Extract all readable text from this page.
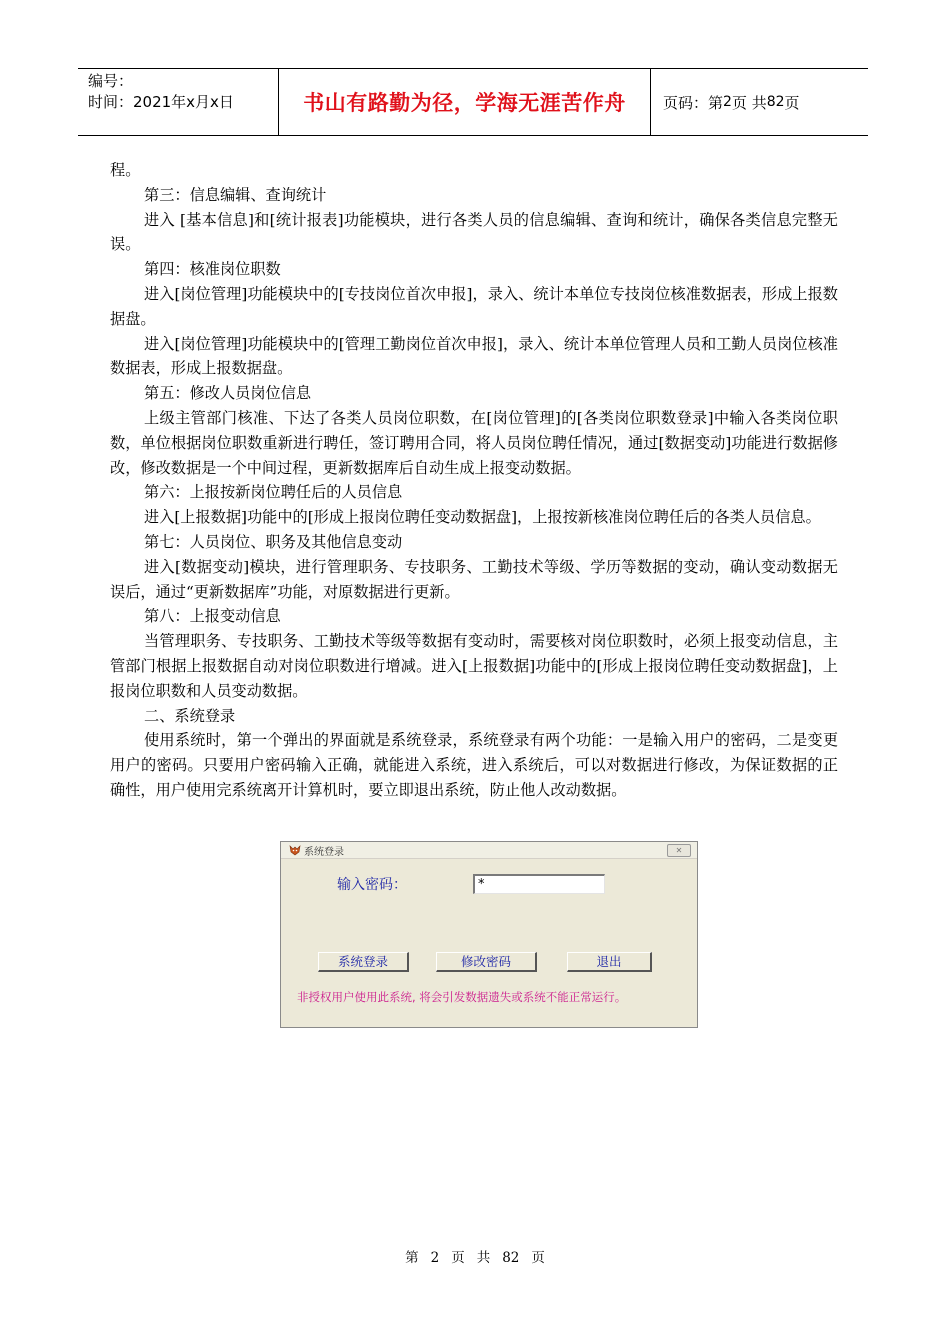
编号：
时间：2021年x月x日	书山有路勤为径，学海无涯苦作舟 页码：第 2 页 共 82 页

程。

第三：信息编辑、查询统计

进入 [基本信息]和[统计报表]功能模块，进行各类人员的信息编辑、查询和统计，确保各类信息完整无误。

第四：核准岗位职数

进入[岗位管理]功能模块中的[专技岗位首次申报]，录入、统计本单位专技岗位核准数据表，形成上报数据盘。

进入[岗位管理]功能模块中的[管理工勤岗位首次申报]，录入、统计本单位管理人员和工勤人员岗位核准数据表，形成上报数据盘。

第五：修改人员岗位信息

上级主管部门核准、下达了各类人员岗位职数，在[岗位管理]的[各类岗位职数登录]中输入各类岗位职数，单位根据岗位职数重新进行聘任，签订聘用合同，将人员岗位聘任情况，通过[数据变动]功能进行数据修改，修改数据是一个中间过程，更新数据库后自动生成上报变动数据。

第六：上报按新岗位聘任后的人员信息

进入[上报数据]功能中的[形成上报岗位聘任变动数据盘]，上报按新核准岗位聘任后的各类人员信息。

第七：人员岗位、职务及其他信息变动

进入[数据变动]模块，进行管理职务、专技职务、工勤技术等级、学历等数据的变动，确认变动数据无误后，通过“更新数据库”功能，对原数据进行更新。

第八：上报变动信息

当管理职务、专技职务、工勤技术等级等数据有变动时，需要核对岗位职数时，必须上报变动信息，主管部门根据上报数据自动对岗位职数进行增减。进入[上报数据]功能中的[形成上报岗位聘任变动数据盘]，上报岗位职数和人员变动数据。

二、系统登录

使用系统时，第一个弹出的界面就是系统登录，系统登录有两个功能：一是输入用户的密码，二是变更用户的密码。只要用户密码输入正确，就能进入系统，进入系统后，可以对数据进行修改，为保证数据的正确性，用户使用完系统离开计算机时，要立即退出系统，防止他人改动数据。

系统登录	✕
输入密码：	*
系统登录	修改密码	退出
非授权用户使用此系统, 将会引发数据遗失或系统不能正常运行。
第 2 页 共 82 页
